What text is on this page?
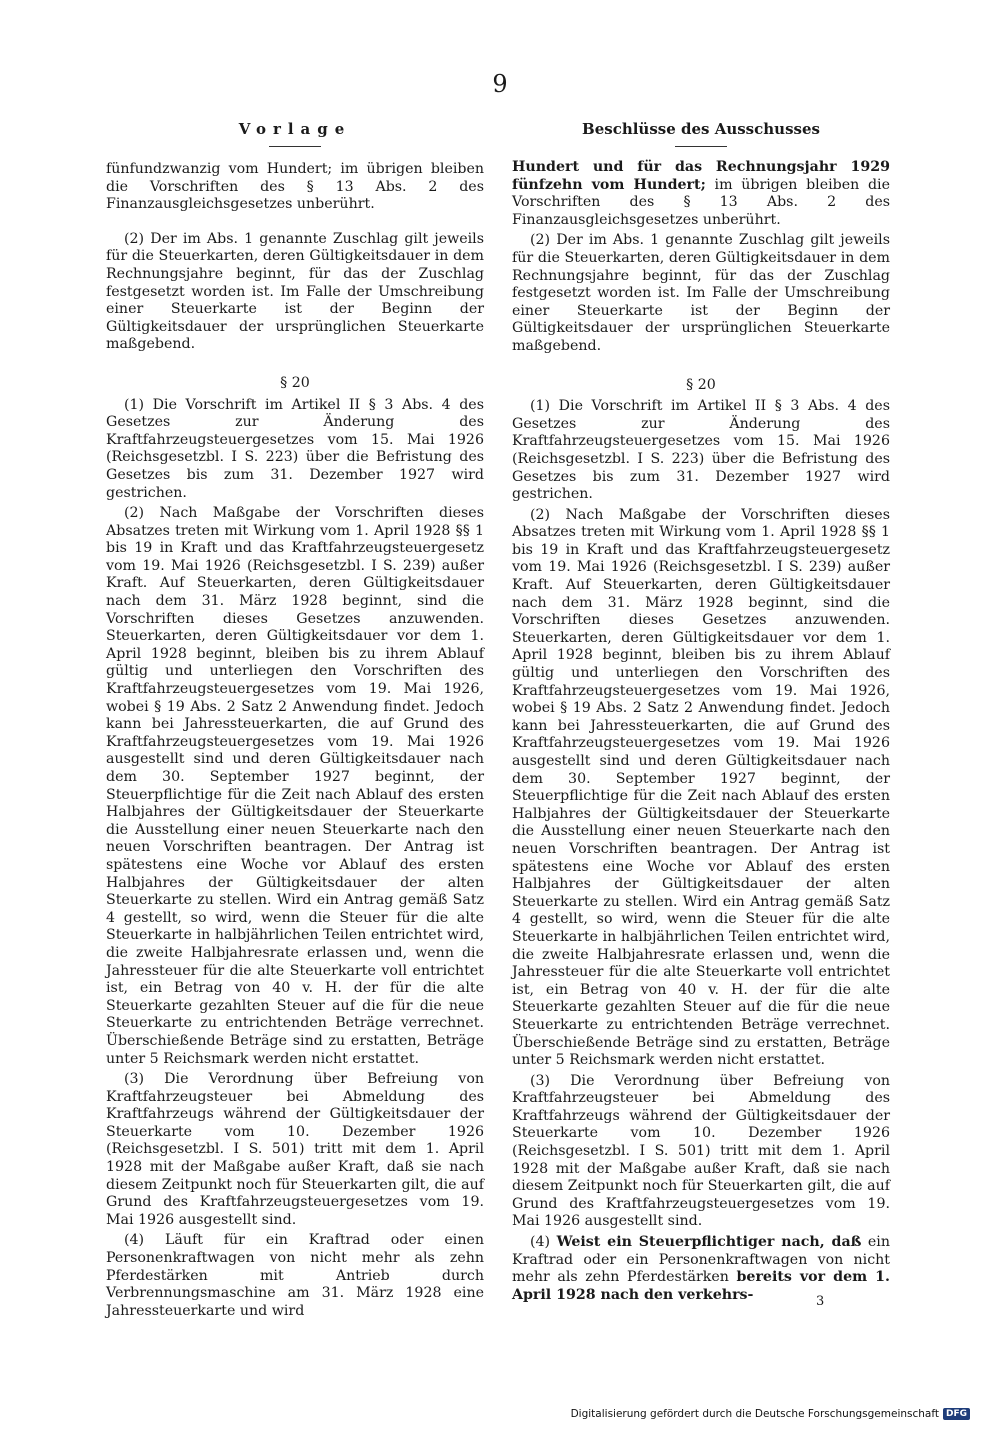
9
Vorlage

fünfundzwanzig vom Hundert; im übrigen bleiben die Vorschriften des § 13 Abs. 2 des Finanzausgleichsgesetzes unberührt.

(2) Der im Abs. 1 genannte Zuschlag gilt jeweils für die Steuerkarten, deren Gültigkeitsdauer in dem Rechnungsjahre beginnt, für das der Zuschlag festgesetzt worden ist. Im Falle der Umschreibung einer Steuerkarte ist der Beginn der Gültigkeitsdauer der ursprünglichen Steuerkarte maßgebend.

§ 20

(1) Die Vorschrift im Artikel II § 3 Abs. 4 des Gesetzes zur Änderung des Kraftfahrzeugsteuergesetzes vom 15. Mai 1926 (Reichsgesetzbl. I S. 223) über die Befristung des Gesetzes bis zum 31. Dezember 1927 wird gestrichen.

(2) Nach Maßgabe der Vorschriften dieses Absatzes treten mit Wirkung vom 1. April 1928 §§ 1 bis 19 in Kraft und das Kraftfahrzeugsteuergesetz vom 19. Mai 1926 (Reichsgesetzbl. I S. 239) außer Kraft. Auf Steuerkarten, deren Gültigkeitsdauer nach dem 31. März 1928 beginnt, sind die Vorschriften dieses Gesetzes anzuwenden. Steuerkarten, deren Gültigkeitsdauer vor dem 1. April 1928 beginnt, bleiben bis zu ihrem Ablauf gültig und unterliegen den Vorschriften des Kraftfahrzeugsteuergesetzes vom 19. Mai 1926, wobei § 19 Abs. 2 Satz 2 Anwendung findet. Jedoch kann bei Jahressteuerkarten, die auf Grund des Kraftfahrzeugsteuergesetzes vom 19. Mai 1926 ausgestellt sind und deren Gültigkeitsdauer nach dem 30. September 1927 beginnt, der Steuerpflichtige für die Zeit nach Ablauf des ersten Halbjahres der Gültigkeitsdauer der Steuerkarte die Ausstellung einer neuen Steuerkarte nach den neuen Vorschriften beantragen. Der Antrag ist spätestens eine Woche vor Ablauf des ersten Halbjahres der Gültigkeitsdauer der alten Steuerkarte zu stellen. Wird ein Antrag gemäß Satz 4 gestellt, so wird, wenn die Steuer für die alte Steuerkarte in halbjährlichen Teilen entrichtet wird, die zweite Halbjahresrate erlassen und, wenn die Jahressteuer für die alte Steuerkarte voll entrichtet ist, ein Betrag von 40 v. H. der für die alte Steuerkarte gezahlten Steuer auf die für die neue Steuerkarte zu entrichtenden Beträge verrechnet. Überschießende Beträge sind zu erstatten, Beträge unter 5 Reichsmark werden nicht erstattet.

(3) Die Verordnung über Befreiung von Kraftfahrzeugsteuer bei Abmeldung des Kraftfahrzeugs während der Gültigkeitsdauer der Steuerkarte vom 10. Dezember 1926 (Reichsgesetzbl. I S. 501) tritt mit dem 1. April 1928 mit der Maßgabe außer Kraft, daß sie nach diesem Zeitpunkt noch für Steuerkarten gilt, die auf Grund des Kraftfahrzeugsteuergesetzes vom 19. Mai 1926 ausgestellt sind.

(4) Läuft für ein Kraftrad oder einen Personenkraftwagen von nicht mehr als zehn Pferdestärken mit Antrieb durch Verbrennungsmaschine am 31. März 1928 eine Jahressteuerkarte und wird

Beschlüsse des Ausschusses

Hundert und für das Rechnungsjahr 1929 fünfzehn vom Hundert; im übrigen bleiben die Vorschriften des § 13 Abs. 2 des Finanzausgleichsgesetzes unberührt.

(2) Der im Abs. 1 genannte Zuschlag gilt jeweils für die Steuerkarten, deren Gültigkeitsdauer in dem Rechnungsjahre beginnt, für das der Zuschlag festgesetzt worden ist. Im Falle der Umschreibung einer Steuerkarte ist der Beginn der Gültigkeitsdauer der ursprünglichen Steuerkarte maßgebend.

§ 20

(1) Die Vorschrift im Artikel II § 3 Abs. 4 des Gesetzes zur Änderung des Kraftfahrzeugsteuergesetzes vom 15. Mai 1926 (Reichsgesetzbl. I S. 223) über die Befristung des Gesetzes bis zum 31. Dezember 1927 wird gestrichen.

(2) Nach Maßgabe der Vorschriften dieses Absatzes treten mit Wirkung vom 1. April 1928 §§ 1 bis 19 in Kraft und das Kraftfahrzeugsteuergesetz vom 19. Mai 1926 (Reichsgesetzbl. I S. 239) außer Kraft. Auf Steuerkarten, deren Gültigkeitsdauer nach dem 31. März 1928 beginnt, sind die Vorschriften dieses Gesetzes anzuwenden. Steuerkarten, deren Gültigkeitsdauer vor dem 1. April 1928 beginnt, bleiben bis zu ihrem Ablauf gültig und unterliegen den Vorschriften des Kraftfahrzeugsteuergesetzes vom 19. Mai 1926, wobei § 19 Abs. 2 Satz 2 Anwendung findet. Jedoch kann bei Jahressteuerkarten, die auf Grund des Kraftfahrzeugsteuergesetzes vom 19. Mai 1926 ausgestellt sind und deren Gültigkeitsdauer nach dem 30. September 1927 beginnt, der Steuerpflichtige für die Zeit nach Ablauf des ersten Halbjahres der Gültigkeitsdauer der Steuerkarte die Ausstellung einer neuen Steuerkarte nach den neuen Vorschriften beantragen. Der Antrag ist spätestens eine Woche vor Ablauf des ersten Halbjahres der Gültigkeitsdauer der alten Steuerkarte zu stellen. Wird ein Antrag gemäß Satz 4 gestellt, so wird, wenn die Steuer für die alte Steuerkarte in halbjährlichen Teilen entrichtet wird, die zweite Halbjahresrate erlassen und, wenn die Jahressteuer für die alte Steuerkarte voll entrichtet ist, ein Betrag von 40 v. H. der für die alte Steuerkarte gezahlten Steuer auf die für die neue Steuerkarte zu entrichtenden Beträge verrechnet. Überschießende Beträge sind zu erstatten, Beträge unter 5 Reichsmark werden nicht erstattet.

(3) Die Verordnung über Befreiung von Kraftfahrzeugsteuer bei Abmeldung des Kraftfahrzeugs während der Gültigkeitsdauer der Steuerkarte vom 10. Dezember 1926 (Reichsgesetzbl. I S. 501) tritt mit dem 1. April 1928 mit der Maßgabe außer Kraft, daß sie nach diesem Zeitpunkt noch für Steuerkarten gilt, die auf Grund des Kraftfahrzeugsteuergesetzes vom 19. Mai 1926 ausgestellt sind.

(4) Weist ein Steuerpflichtiger nach, daß ein Kraftrad oder ein Personenkraftwagen von nicht mehr als zehn Pferdestärken bereits vor dem 1. April 1928 nach den verkehrs-	3
Digitalisierung gefördert durch die Deutsche Forschungsgemeinschaft DFG
